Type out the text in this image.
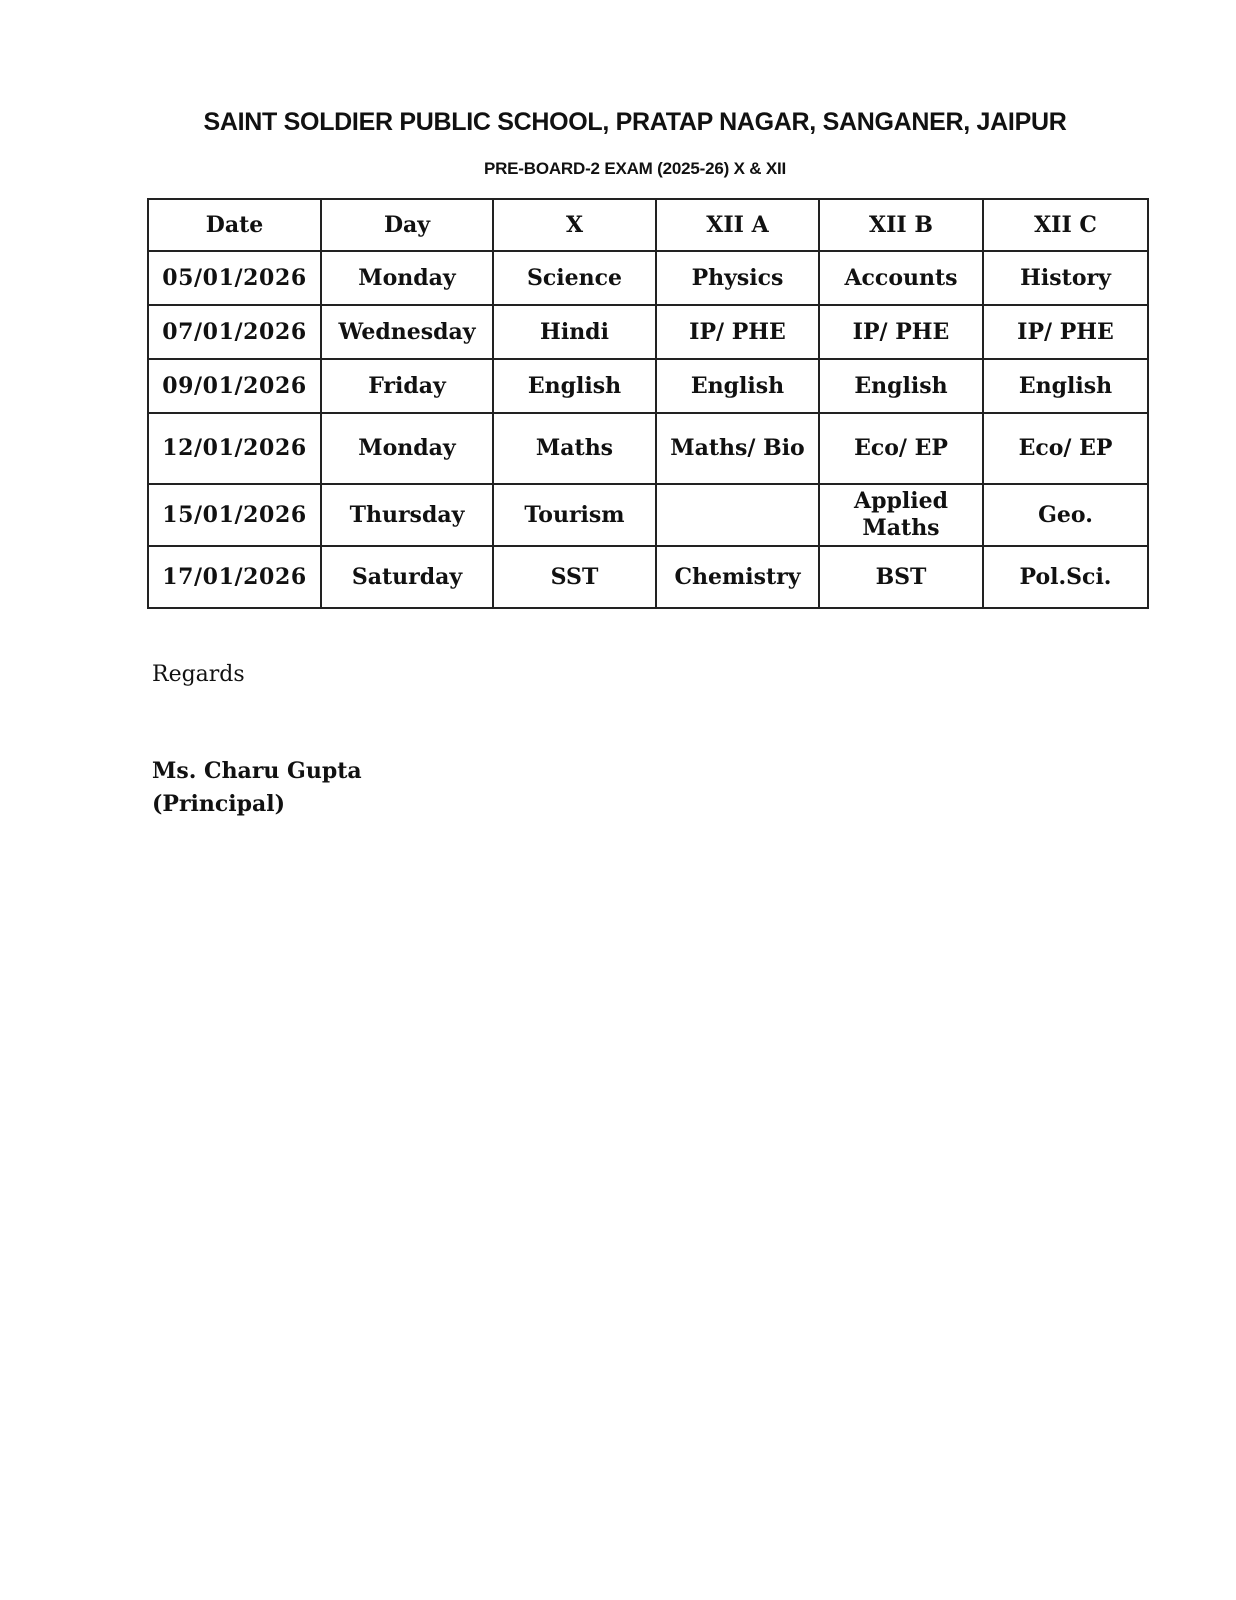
SAINT SOLDIER PUBLIC SCHOOL, PRATAP NAGAR, SANGANER, JAIPUR
PRE-BOARD-2 EXAM (2025-26) X & XII
Date	Day	X	XII A	XII B	XII C
05/01/2026	Monday	Science	Physics	Accounts	History
07/01/2026	Wednesday	Hindi	IP/ PHE	IP/ PHE	IP/ PHE
09/01/2026	Friday	English	English	English	English
12/01/2026	Monday	Maths	Maths/ Bio	Eco/ EP	Eco/ EP
15/01/2026	Thursday	Tourism		Applied Maths	Geo.
17/01/2026	Saturday	SST	Chemistry	BST	Pol.Sci.
Regards
Ms. Charu Gupta
(Principal)
